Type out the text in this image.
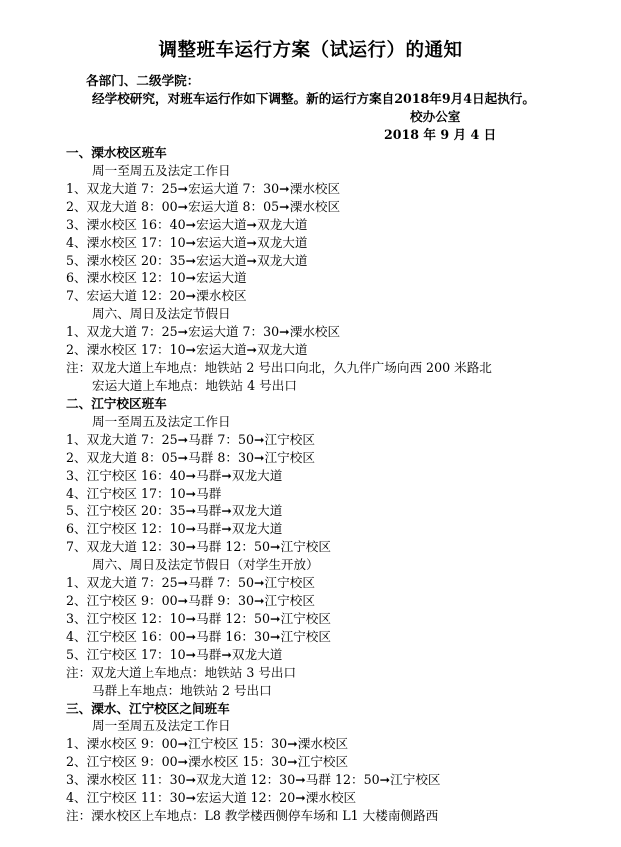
调整班车运行方案（试运行）的通知
各部门、二级学院：
经学校研究，对班车运行作如下调整。新的运行方案自2018年9月4日起执行。
校办公室
2018 年 9 月 4 日
一、溧水校区班车
周一至周五及法定工作日
1、双龙大道 7：25➞宏运大道 7：30➞溧水校区
2、双龙大道 8：00➞宏运大道 8：05➞溧水校区
3、溧水校区 16：40➞宏运大道➞双龙大道
4、溧水校区 17：10➞宏运大道➞双龙大道
5、溧水校区 20：35➞宏运大道➞双龙大道
6、溧水校区 12：10➞宏运大道
7、宏运大道 12：20➞溧水校区
周六、周日及法定节假日
1、双龙大道 7：25➞宏运大道 7：30➞溧水校区
2、溧水校区 17：10➞宏运大道➞双龙大道
注：双龙大道上车地点：地铁站 2 号出口向北，久九伴广场向西 200 米路北
宏运大道上车地点：地铁站 4 号出口
二、江宁校区班车
周一至周五及法定工作日
1、双龙大道 7：25➞马群 7：50➞江宁校区
2、双龙大道 8：05➞马群 8：30➞江宁校区
3、江宁校区 16：40➞马群➞双龙大道
4、江宁校区 17：10➞马群
5、江宁校区 20：35➞马群➞双龙大道
6、江宁校区 12：10➞马群➞双龙大道
7、双龙大道 12：30➞马群 12：50➞江宁校区
周六、周日及法定节假日（对学生开放）
1、双龙大道 7：25➞马群 7：50➞江宁校区
2、江宁校区 9：00➞马群 9：30➞江宁校区
3、江宁校区 12：10➞马群 12：50➞江宁校区
4、江宁校区 16：00➞马群 16：30➞江宁校区
5、江宁校区 17：10➞马群➞双龙大道
注：双龙大道上车地点：地铁站 3 号出口
马群上车地点：地铁站 2 号出口
三、溧水、江宁校区之间班车
周一至周五及法定工作日
1、溧水校区 9：00➞江宁校区 15：30➞溧水校区
2、江宁校区 9：00➞溧水校区 15：30➞江宁校区
3、溧水校区 11：30➞双龙大道 12：30➞马群 12：50➞江宁校区
4、江宁校区 11：30➞宏运大道 12：20➞溧水校区
注：溧水校区上车地点：L8 教学楼西侧停车场和 L1 大楼南侧路西
